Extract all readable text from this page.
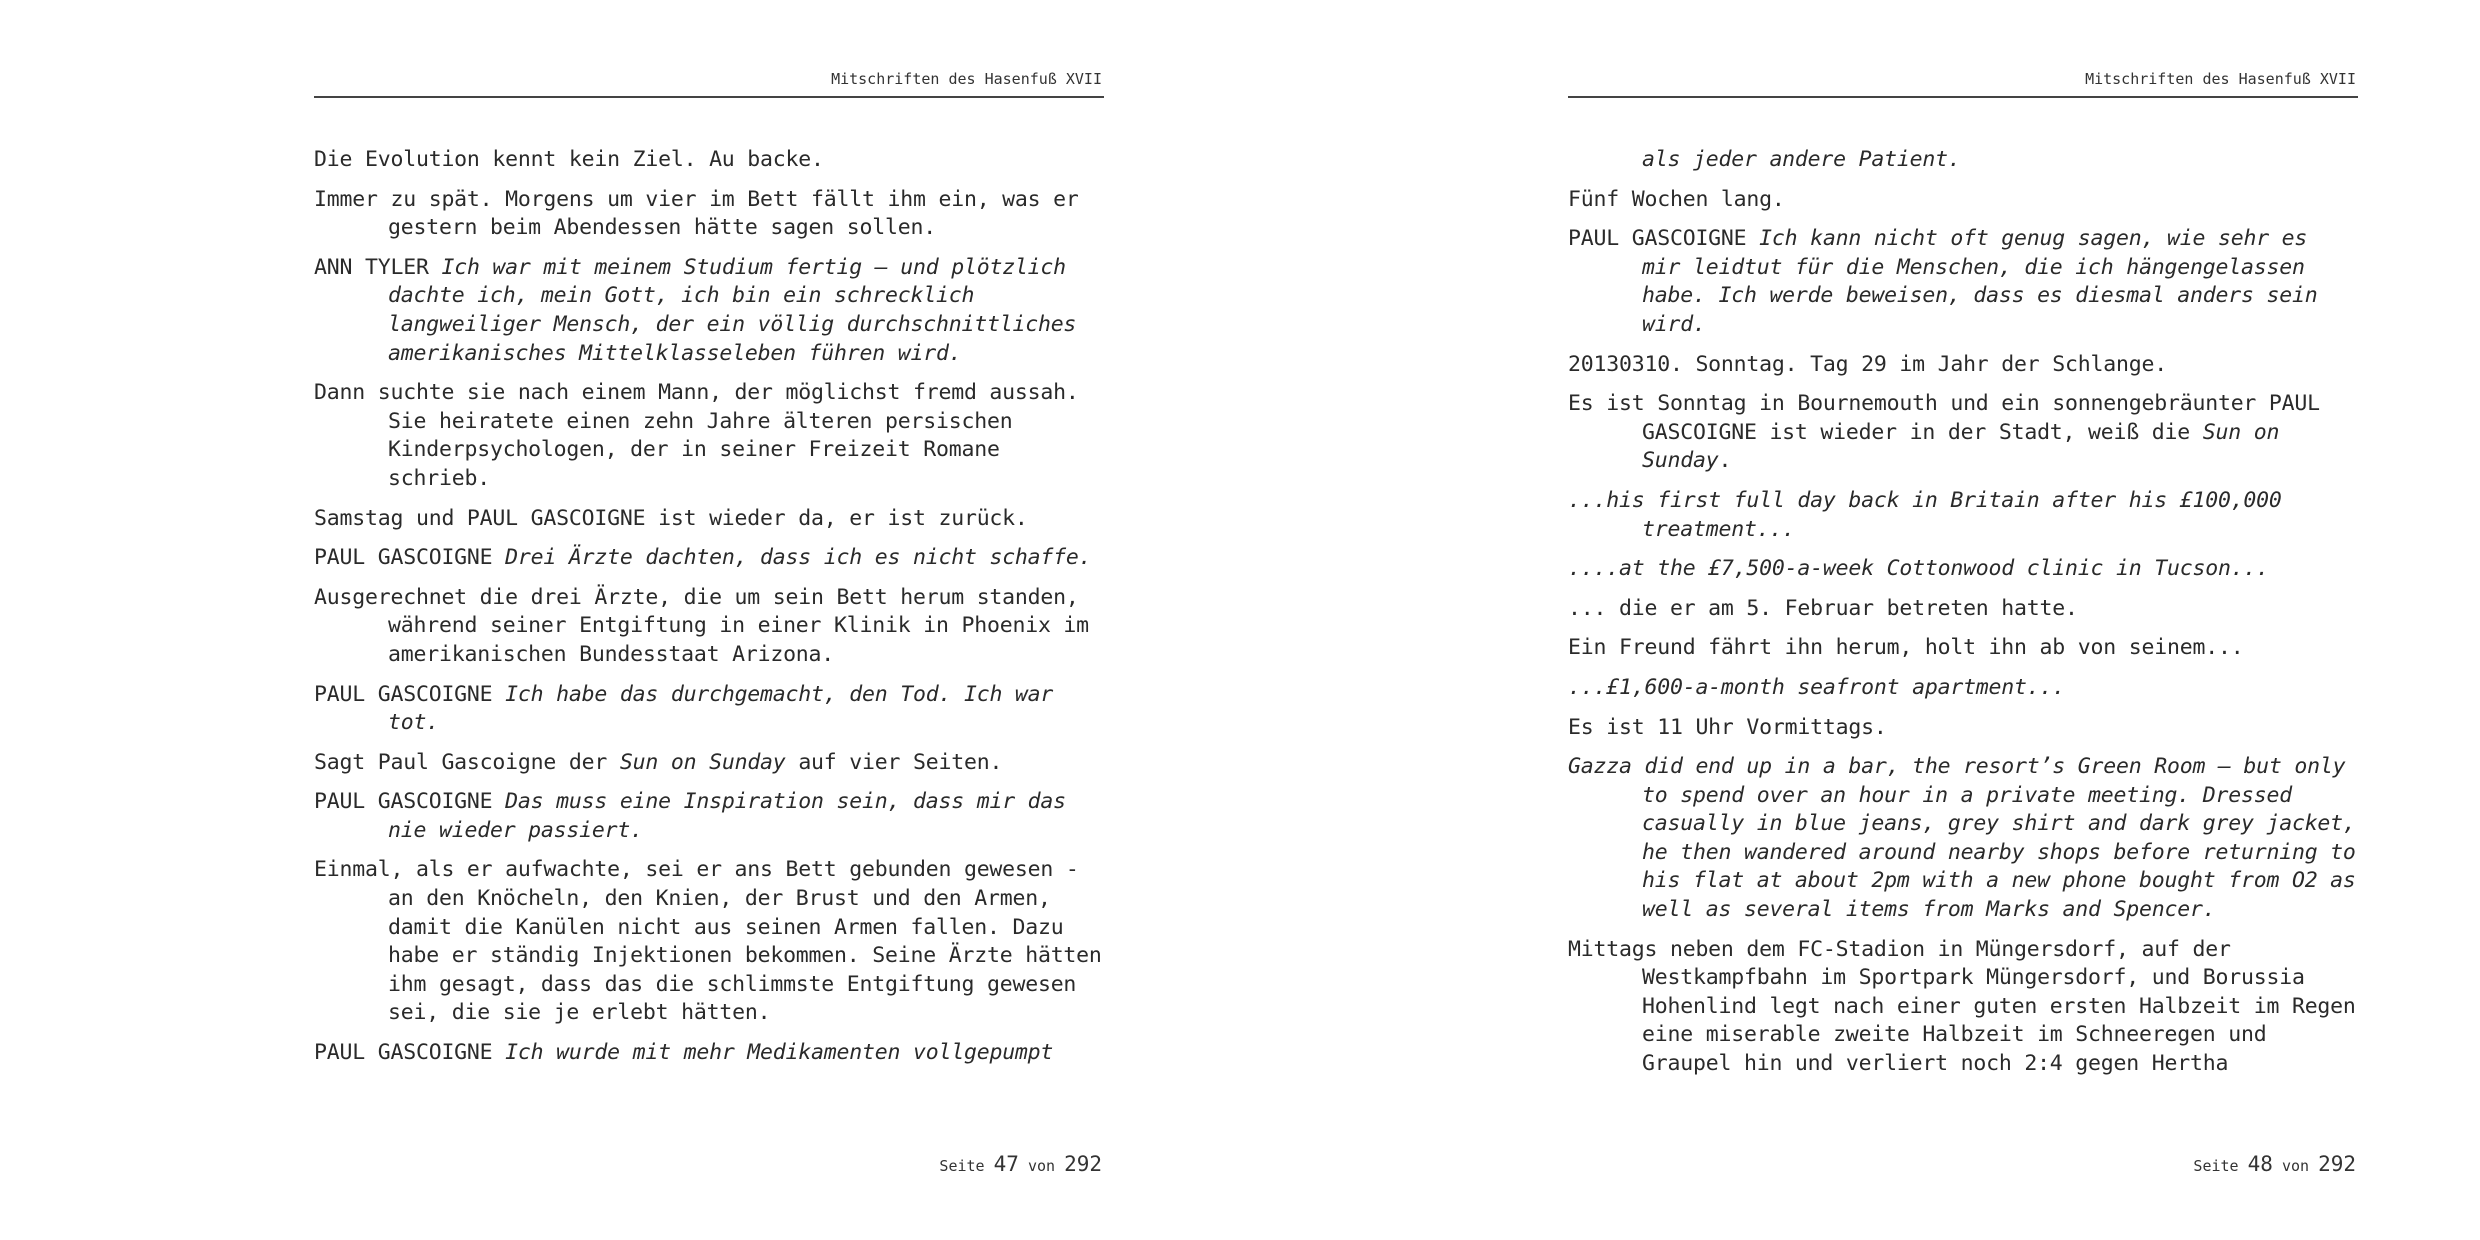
Mitschriften des Hasenfuß XVII

Die Evolution kennt kein Ziel. Au backe.

Immer zu spät. Morgens um vier im Bett fällt ihm ein, was er gestern beim Abendessen hätte sagen sollen.

ANN TYLER Ich war mit meinem Studium fertig – und plötzlich dachte ich, mein Gott, ich bin ein schrecklich langweiliger Mensch, der ein völlig durchschnittliches amerikanisches Mittelklasseleben führen wird.

Dann suchte sie nach einem Mann, der möglichst fremd aussah. Sie heiratete einen zehn Jahre älteren persischen Kinderpsychologen, der in seiner Freizeit Romane schrieb.

Samstag und PAUL GASCOIGNE ist wieder da, er ist zurück.

PAUL GASCOIGNE Drei Ärzte dachten, dass ich es nicht schaffe.

Ausgerechnet die drei Ärzte, die um sein Bett herum standen, während seiner Entgiftung in einer Klinik in Phoenix im amerikanischen Bundesstaat Arizona.

PAUL GASCOIGNE Ich habe das durchgemacht, den Tod. Ich war tot.

Sagt Paul Gascoigne der Sun on Sunday auf vier Seiten.

PAUL GASCOIGNE Das muss eine Inspiration sein, dass mir das nie wieder passiert.

Einmal, als er aufwachte, sei er ans Bett gebunden gewesen - an den Knöcheln, den Knien, der Brust und den Armen, damit die Kanülen nicht aus seinen Armen fallen. Dazu habe er ständig Injektionen bekommen. Seine Ärzte hätten ihm gesagt, dass das die schlimmste Entgiftung gewesen sei, die sie je erlebt hätten.

PAUL GASCOIGNE Ich wurde mit mehr Medikamenten vollgepumpt

Seite 47 von 292
Mitschriften des Hasenfuß XVII

als jeder andere Patient.

Fünf Wochen lang.

PAUL GASCOIGNE Ich kann nicht oft genug sagen, wie sehr es mir leidtut für die Menschen, die ich hängengelassen habe. Ich werde beweisen, dass es diesmal anders sein wird.

20130310. Sonntag. Tag 29 im Jahr der Schlange.

Es ist Sonntag in Bournemouth und ein sonnengebräunter PAUL GASCOIGNE ist wieder in der Stadt, weiß die Sun on Sunday.

...his first full day back in Britain after his £100,000 treatment...

....at the £7,500-a-week Cottonwood clinic in Tucson...

... die er am 5. Februar betreten hatte.

Ein Freund fährt ihn herum, holt ihn ab von seinem...

...£1,600-a-month seafront apartment...

Es ist 11 Uhr Vormittags.

Gazza did end up in a bar, the resort’s Green Room – but only to spend over an hour in a private meeting. Dressed casually in blue jeans, grey shirt and dark grey jacket, he then wandered around nearby shops before returning to his flat at about 2pm with a new phone bought from O2 as well as several items from Marks and Spencer.

Mittags neben dem FC-Stadion in Müngersdorf, auf der Westkampfbahn im Sportpark Müngersdorf, und Borussia Hohenlind legt nach einer guten ersten Halbzeit im Regen eine miserable zweite Halbzeit im Schneeregen und Graupel hin und verliert noch 2:4 gegen Hertha

Seite 48 von 292
